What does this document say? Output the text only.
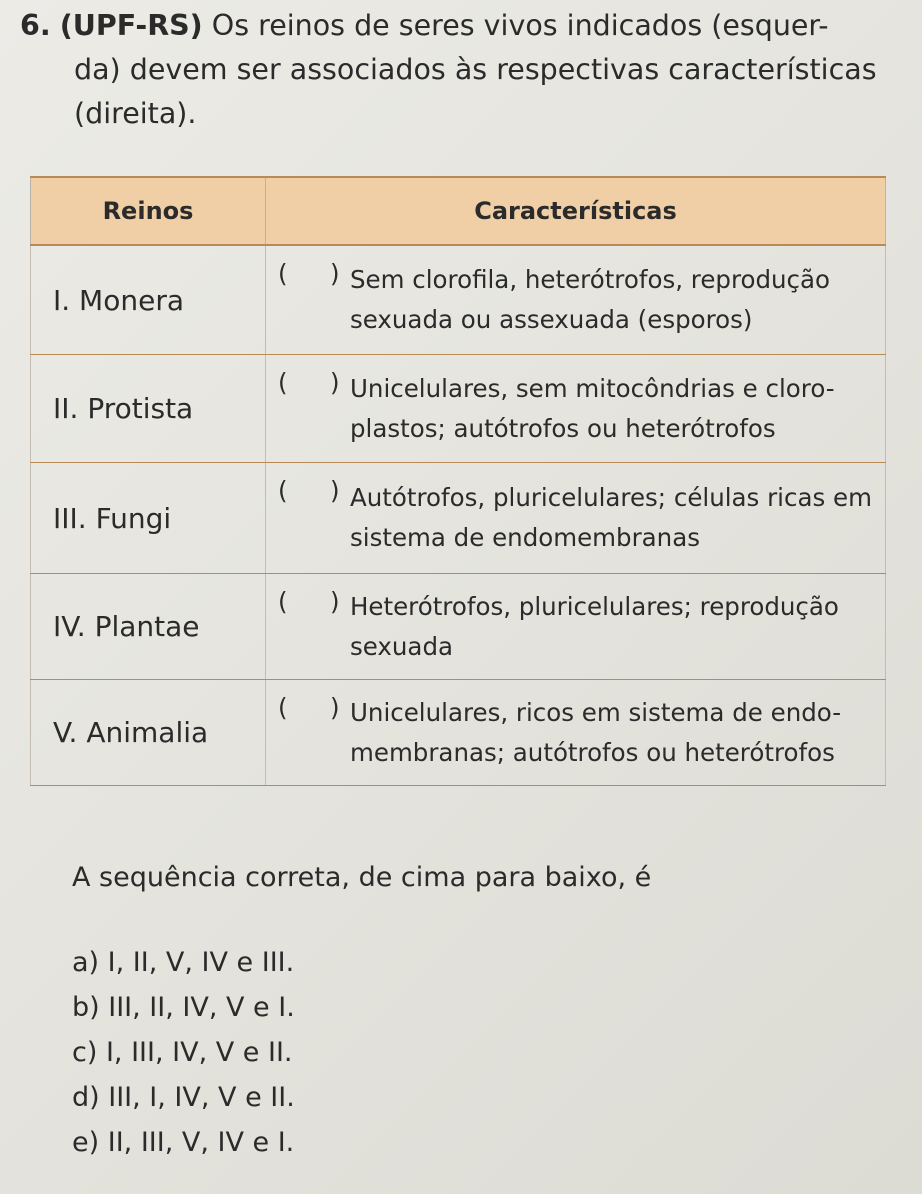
6. (UPF-RS) Os reinos de seres vivos indicados (esquer-
da) devem ser associados às respectivas características
(direita).
Reinos	Características
I. Monera	( ) Sem clorofila, heterótrofos, reprodução
sexuada ou assexuada (esporos)

II. Protista	( ) Unicelulares, sem mitocôndrias e cloro-
plastos; autótrofos ou heterótrofos

III. Fungi	( ) Autótrofos, pluricelulares; células ricas em
sistema de endomembranas

IV. Plantae	( ) Heterótrofos, pluricelulares; reprodução
sexuada

V. Animalia	( ) Unicelulares, ricos em sistema de endo-
membranas; autótrofos ou heterótrofos
A sequência correta, de cima para baixo, é
a) I, II, V, IV e III.
b) III, II, IV, V e I.
c) I, III, IV, V e II.
d) III, I, IV, V e II.
e) II, III, V, IV e I.
